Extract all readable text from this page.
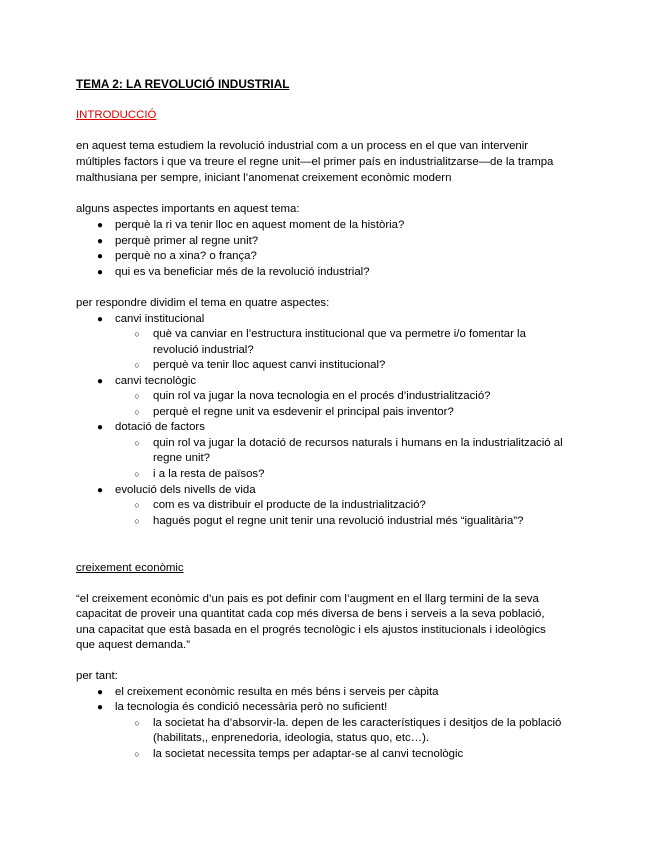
TEMA 2: LA REVOLUCIÓ INDUSTRIAL
INTRODUCCIÓ
en aquest tema estudiem la revolució industrial com a un process en el que van intervenir
múltiples factors i que va treure el regne unit—el primer país en industrialitzarse—de la trampa
malthusiana per sempre, iniciant l’anomenat creixement econòmic modern
alguns aspectes importants en aquest tema:
● perquè la ri va tenir lloc en aquest moment de la història?
● perquè primer al regne unit?
● perquè no a xina? o frança?
● qui es va beneficiar més de la revolució industrial?
per respondre dividim el tema en quatre aspectes:
● canvi institucional
○ què va canviar en l’estructura institucional que va permetre i/o fomentar la
revolució industrial?
○ perquè va tenir lloc aquest canvi institucional?
● canvi tecnològic
○ quin rol va jugar la nova tecnologia en el procés d’industrialització?
○ perquè el regne unit va esdevenir el principal pais inventor?
● dotació de factors
○ quin rol va jugar la dotació de recursos naturals i humans en la industrialització al
regne unit?
○ i a la resta de països?
● evolució dels nivells de vida
○ com es va distribuir el producte de la industrialització?
○ hagués pogut el regne unit tenir una revolució industrial més “igualitària”?
creixement econòmic
“el creixement econòmic d’un pais es pot definir com l’augment en el llarg termini de la seva
capacitat de proveir una quantitat cada cop més diversa de bens i serveis a la seva població,
una capacitat que està basada en el progrés tecnològic i els ajustos institucionals i ideològics
que aquest demanda.”
per tant:
● el creixement econòmic resulta en més béns i serveis per càpita
● la tecnologia és condició necessària però no suficient!
○ la societat ha d’absorvir-la. depen de les característiques i desitjos de la població
(habilitats,, enprenedoria, ideologia, status quo, etc…).
○ la societat necessita temps per adaptar-se al canvi tecnològic
